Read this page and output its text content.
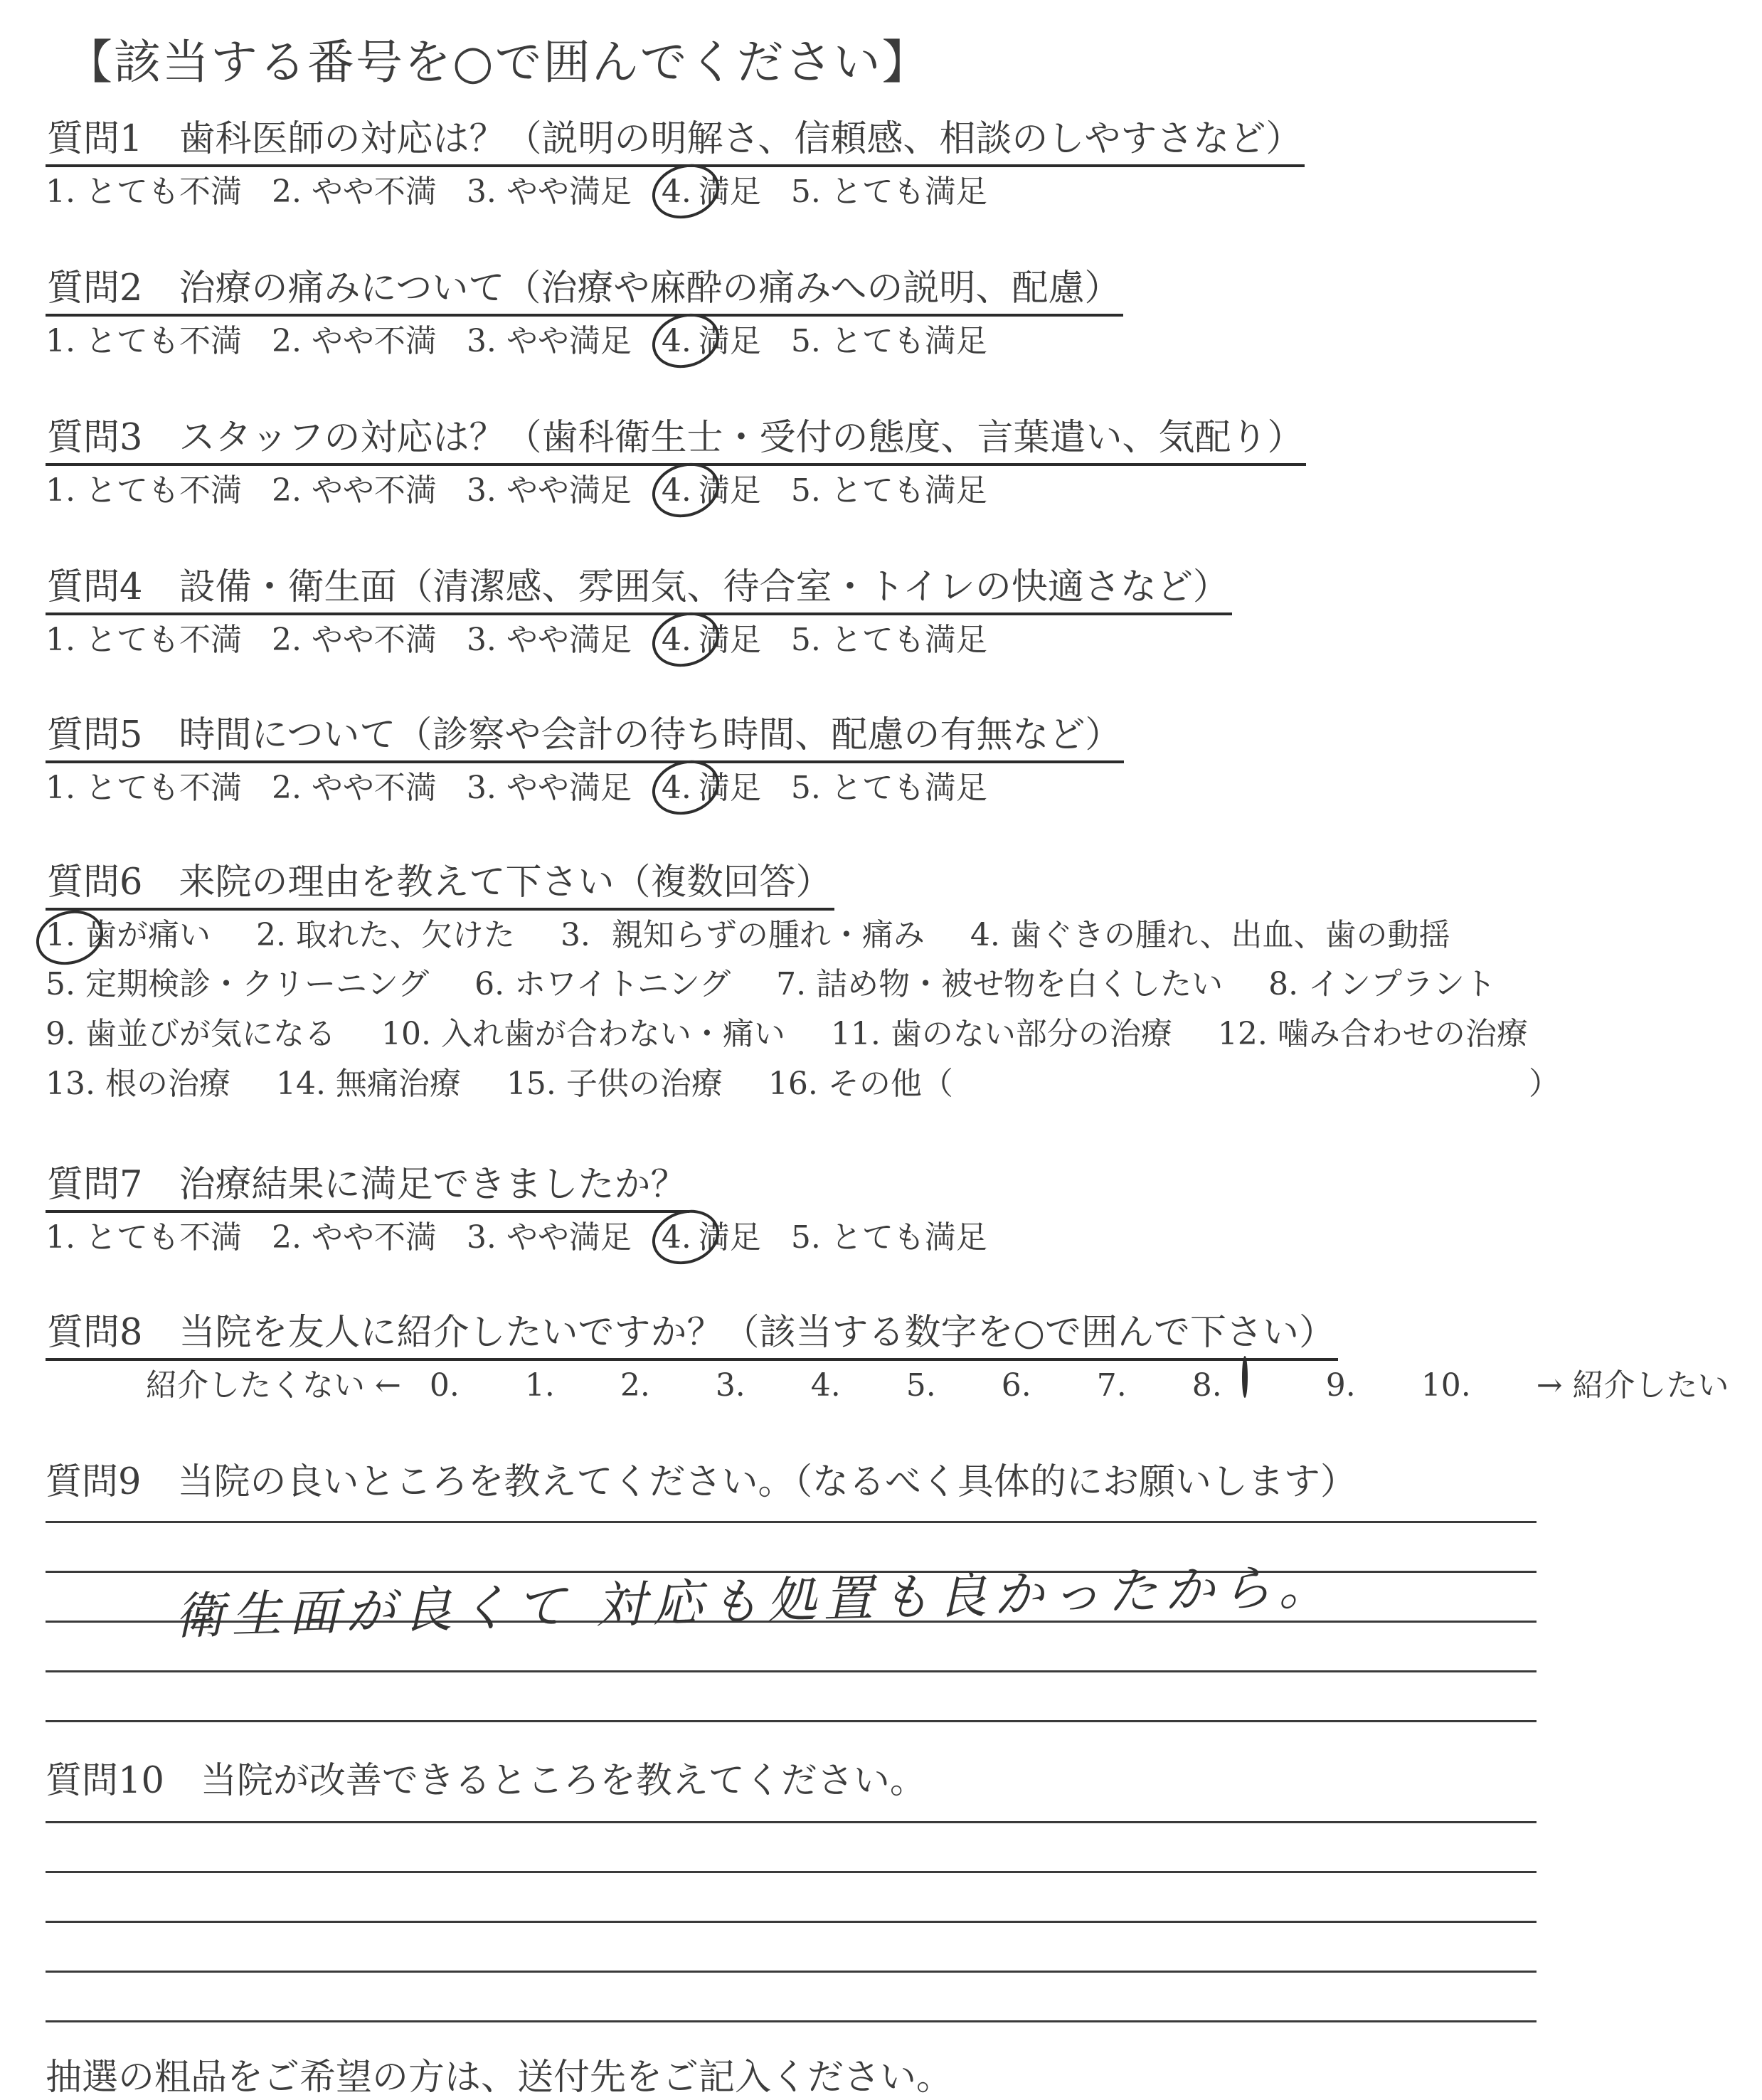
【該当する番号を○で囲んでください】
質問1　歯科医師の対応は？（説明の明解さ、信頼感、相談のしやすさなど）
1. とても不満 2. やや不満 3. やや満足 4. 満足 5. とても満足
質問2　治療の痛みについて（治療や麻酔の痛みへの説明、配慮）
1. とても不満 2. やや不満 3. やや満足 4. 満足 5. とても満足
質問3　スタッフの対応は？（歯科衛生士・受付の態度、言葉遣い、気配り）
1. とても不満 2. やや不満 3. やや満足 4. 満足 5. とても満足
質問4　設備・衛生面（清潔感、雰囲気、待合室・トイレの快適さなど）
1. とても不満 2. やや不満 3. やや満足 4. 満足 5. とても満足
質問5　時間について（診察や会計の待ち時間、配慮の有無など）
1. とても不満 2. やや不満 3. やや満足 4. 満足 5. とても満足
質問6　来院の理由を教えて下さい（複数回答）
1. 歯が痛い 2. 取れた、欠けた 3. 親知らずの腫れ・痛み 4. 歯ぐきの腫れ、出血、歯の動揺
5. 定期検診・クリーニング 6. ホワイトニング 7. 詰め物・被せ物を白くしたい 8. インプラント
9. 歯並びが気になる 10. 入れ歯が合わない・痛い 11. 歯のない部分の治療 12. 噛み合わせの治療
13. 根の治療 14. 無痛治療 15. 子供の治療 16. その他（	）
質問7　治療結果に満足できましたか？
1. とても不満 2. やや不満 3. やや満足 4. 満足 5. とても満足
質問8　当院を友人に紹介したいですか？（該当する数字を○で囲んで下さい）
紹介したくない ← 0. 1. 2. 3. 4. 5. 6. 7. 8.	9. 10. → 紹介したい
質問9　当院の良いところを教えてください。（なるべく具体的にお願いします）
衛生面が良くて 対応も処置も良かったから。
質問10　当院が改善できるところを教えてください。
抽選の粗品をご希望の方は、送付先をご記入ください。
